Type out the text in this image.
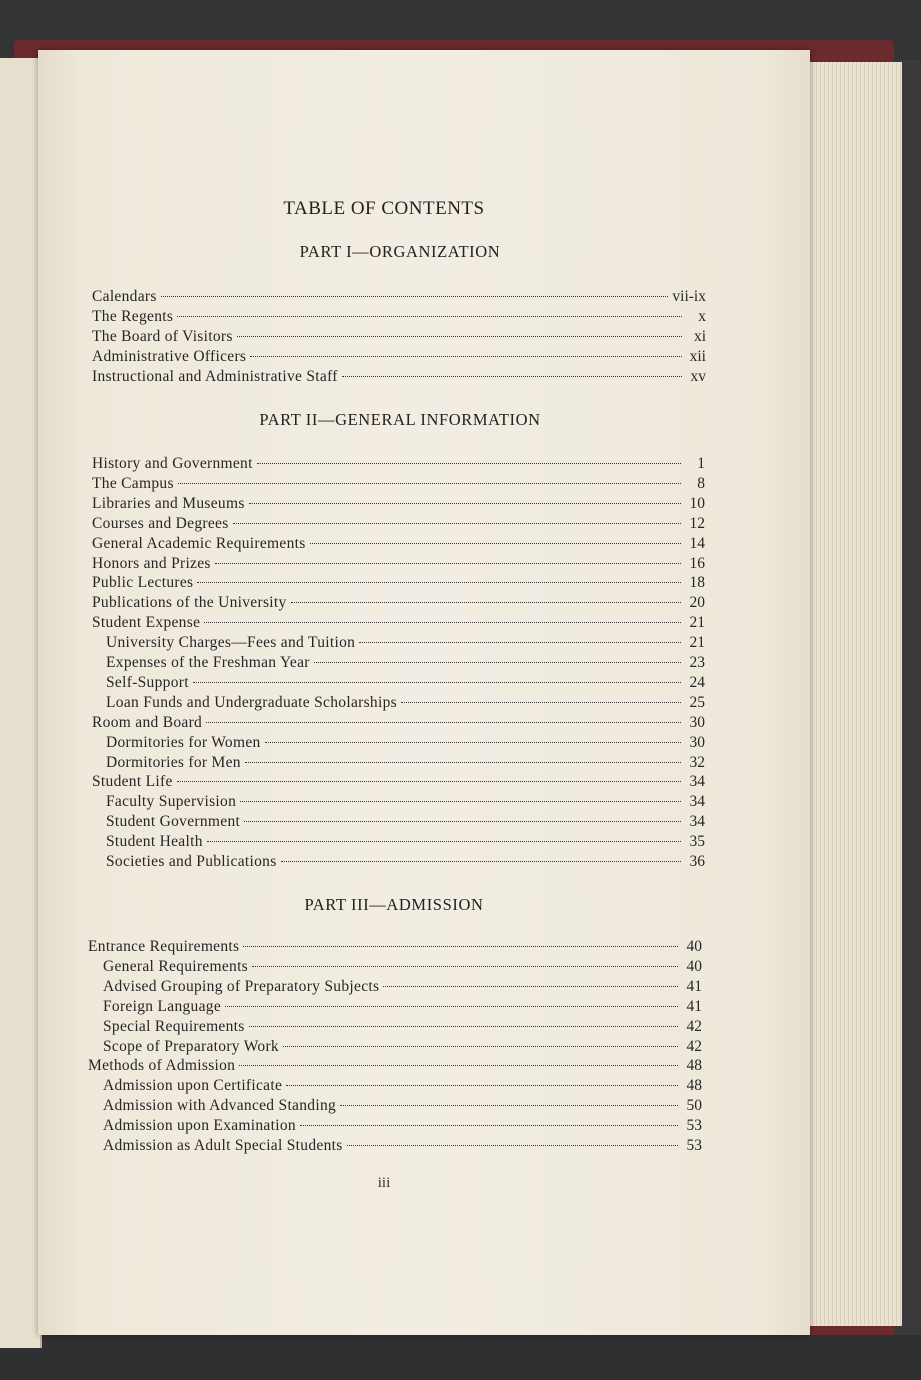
TABLE OF CONTENTS
PART I—ORGANIZATION
Calendars	vii-ix
The Regents	x
The Board of Visitors	xi
Administrative Officers	xii
Instructional and Administrative Staff	xv
PART II—GENERAL INFORMATION
History and Government	1
The Campus	8
Libraries and Museums	10
Courses and Degrees	12
General Academic Requirements	14
Honors and Prizes	16
Public Lectures	18
Publications of the University	20
Student Expense	21
University Charges—Fees and Tuition	21
Expenses of the Freshman Year	23
Self-Support	24
Loan Funds and Undergraduate Scholarships	25
Room and Board	30
Dormitories for Women	30
Dormitories for Men	32
Student Life	34
Faculty Supervision	34
Student Government	34
Student Health	35
Societies and Publications	36
PART III—ADMISSION
Entrance Requirements	40
General Requirements	40
Advised Grouping of Preparatory Subjects	41
Foreign Language	41
Special Requirements	42
Scope of Preparatory Work	42
Methods of Admission	48
Admission upon Certificate	48
Admission with Advanced Standing	50
Admission upon Examination	53
Admission as Adult Special Students	53
iii
